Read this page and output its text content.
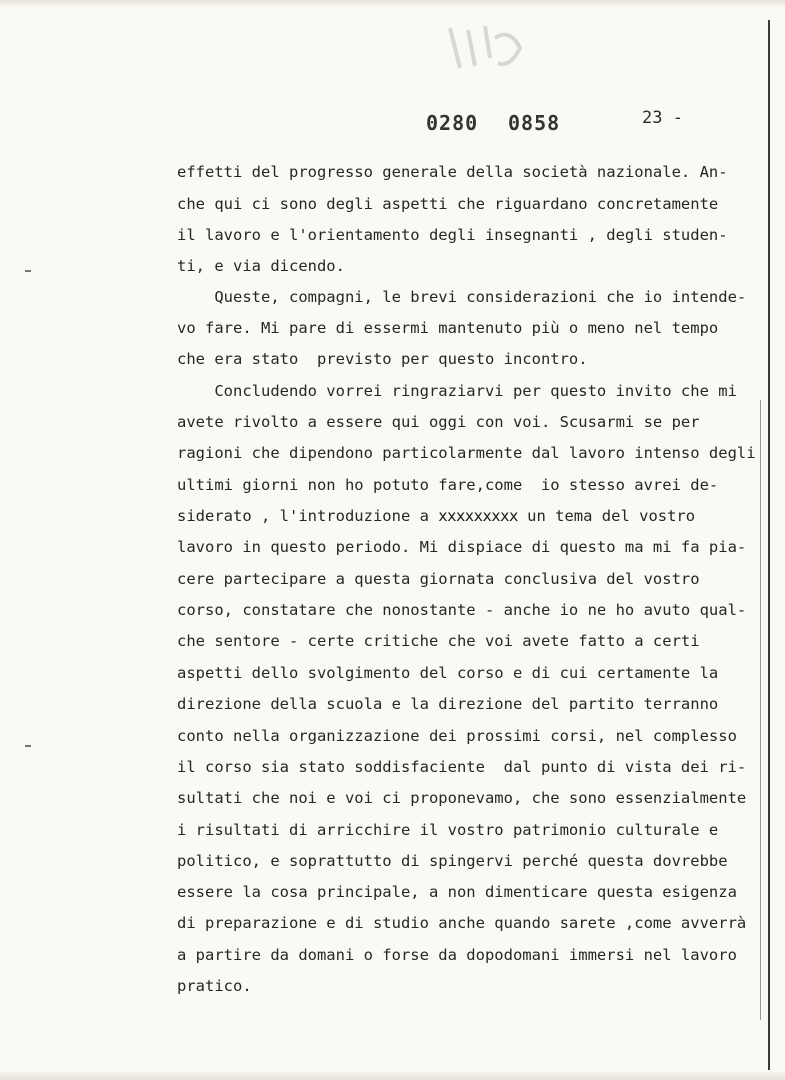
0280 0858	23 -
effetti del progresso generale della società nazionale. An-
che qui ci sono degli aspetti che riguardano concretamente
il lavoro e l'orientamento degli insegnanti , degli studen-
ti, e via dicendo.
Queste, compagni, le brevi considerazioni che io intende-
vo fare. Mi pare di essermi mantenuto più o meno nel tempo
che era stato  previsto per questo incontro.
Concludendo vorrei ringraziarvi per questo invito che mi
avete rivolto a essere qui oggi con voi. Scusarmi se per
ragioni che dipendono particolarmente dal lavoro intenso degli
ultimi giorni non ho potuto fare,come  io stesso avrei de-
siderato , l'introduzione a xxxxxxxxx un tema del vostro
lavoro in questo periodo. Mi dispiace di questo ma mi fa pia-
cere partecipare a questa giornata conclusiva del vostro
corso, constatare che nonostante - anche io ne ho avuto qual-
che sentore - certe critiche che voi avete fatto a certi
aspetti dello svolgimento del corso e di cui certamente la
direzione della scuola e la direzione del partito terranno
conto nella organizzazione dei prossimi corsi, nel complesso
il corso sia stato soddisfaciente  dal punto di vista dei ri-
sultati che noi e voi ci proponevamo, che sono essenzialmente
i risultati di arricchire il vostro patrimonio culturale e
politico, e soprattutto di spingervi perché questa dovrebbe
essere la cosa principale, a non dimenticare questa esigenza
di preparazione e di studio anche quando sarete ,come avverrà
a partire da domani o forse da dopodomani immersi nel lavoro
pratico.
